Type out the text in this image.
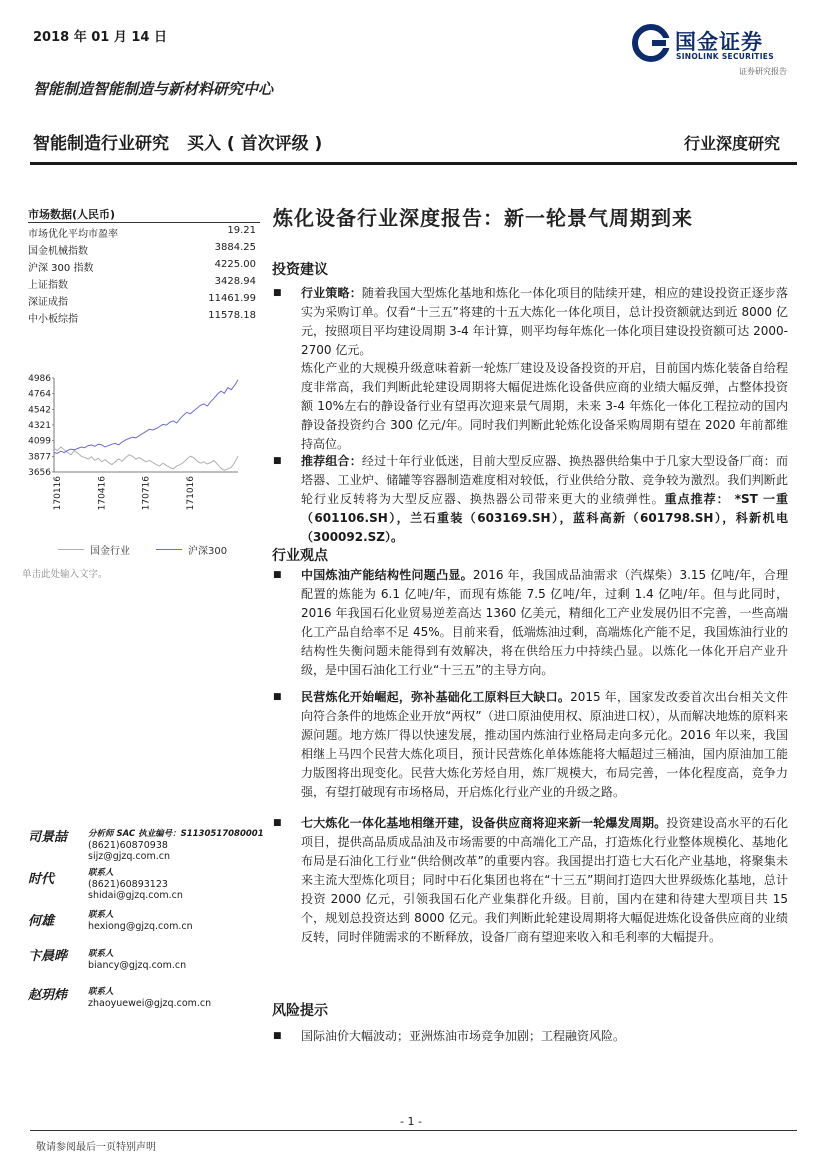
2018 年 01 月 14 日
智能制造智能制造与新材料研究中心
国金证券
SINOLINK SECURITIES
证券研究报告
智能制造行业研究 买入 ( 首次评级 )	行业深度研究
市场数据(人民币)
市场优化平均市盈率	19.21
国金机械指数	3884.25
沪深 300 指数	4225.00
上证指数	3428.94
深证成指	11461.99
中小板综指	11578.18
4986
4764
4542
4321
4099
3877
3656
170116	170416	170716	171016
国金行业	沪深300
单击此处输入文字。
司景喆 分析师 SAC 执业编号：S1130517080001
(8621)60870938
sijz@gjzq.com.cn
时代	联系人
(8621)60893123
shidai@gjzq.com.cn
何雄	联系人
hexiong@gjzq.com.cn
卞晨晔 联系人
biancy@gjzq.com.cn
赵玥炜 联系人
zhaoyuewei@gjzq.com.cn
炼化设备行业深度报告：新一轮景气周期到来
投资建议
■ 行业策略：随着我国大型炼化基地和炼化一体化项目的陆续开建，相应的建设投资正逐步落实为采购订单。仅看“十三五”将建的十五大炼化一体化项目，总计投资额就达到近 8000 亿元，按照项目平均建设周期 3-4 年计算，则平均每年炼化一体化项目建设投资额可达 2000-2700 亿元。
炼化产业的大规模升级意味着新一轮炼厂建设及设备投资的开启，目前国内炼化装备自给程度非常高，我们判断此轮建设周期将大幅促进炼化设备供应商的业绩大幅反弹，占整体投资额 10%左右的静设备行业有望再次迎来景气周期，未来 3-4 年炼化一体化工程拉动的国内静设备投资约合 300 亿元/年。同时我们判断此轮炼化设备采购周期有望在 2020 年前都维持高位。
■ 推荐组合：经过十年行业低迷，目前大型反应器、换热器供给集中于几家大型设备厂商：而塔器、工业炉、储罐等容器制造难度相对较低，行业供给分散、竞争较为激烈。我们判断此轮行业反转将为大型反应器、换热器公司带来更大的业绩弹性。重点推荐： *ST 一重（601106.SH），兰石重装（603169.SH），蓝科高新（601798.SH），科新机电（300092.SZ）。
行业观点
■ 中国炼油产能结构性问题凸显。2016 年，我国成品油需求（汽煤柴）3.15 亿吨/年，合理配置的炼能为 6.1 亿吨/年，而现有炼能 7.5 亿吨/年，过剩 1.4 亿吨/年。但与此同时，2016 年我国石化业贸易逆差高达 1360 亿美元，精细化工产业发展仍旧不完善，一些高端化工产品自给率不足 45%。目前来看，低端炼油过剩，高端炼化产能不足，我国炼油行业的结构性失衡问题未能得到有效解决，将在供给压力中持续凸显。以炼化一体化开启产业升级，是中国石油化工行业“十三五”的主导方向。
■ 民营炼化开始崛起，弥补基础化工原料巨大缺口。2015 年，国家发改委首次出台相关文件向符合条件的地炼企业开放“两权”（进口原油使用权、原油进口权），从而解决地炼的原料来源问题。地方炼厂得以快速发展，推动国内炼油行业格局走向多元化。2016 年以来，我国相继上马四个民营大炼化项目，预计民营炼化单体炼能将大幅超过三桶油，国内原油加工能力版图将出现变化。民营大炼化芳烃自用，炼厂规模大，布局完善，一体化程度高，竞争力强，有望打破现有市场格局，开启炼化行业产业的升级之路。
■ 七大炼化一体化基地相继开建，设备供应商将迎来新一轮爆发周期。投资建设高水平的石化项目，提供高品质成品油及市场需要的中高端化工产品，打造炼化行业整体规模化、基地化布局是石油化工行业“供给侧改革”的重要内容。我国提出打造七大石化产业基地，将聚集未来主流大型炼化项目；同时中石化集团也将在“十三五”期间打造四大世界级炼化基地，总计投资 2000 亿元，引领我国石化产业集群化升级。目前，国内在建和待建大型项目共 15 个，规划总投资达到 8000 亿元。我们判断此轮建设周期将大幅促进炼化设备供应商的业绩反转，同时伴随需求的不断释放，设备厂商有望迎来收入和毛利率的大幅提升。
风险提示
■ 国际油价大幅波动；亚洲炼油市场竞争加剧；工程融资风险。
- 1 -
敬请参阅最后一页特别声明
